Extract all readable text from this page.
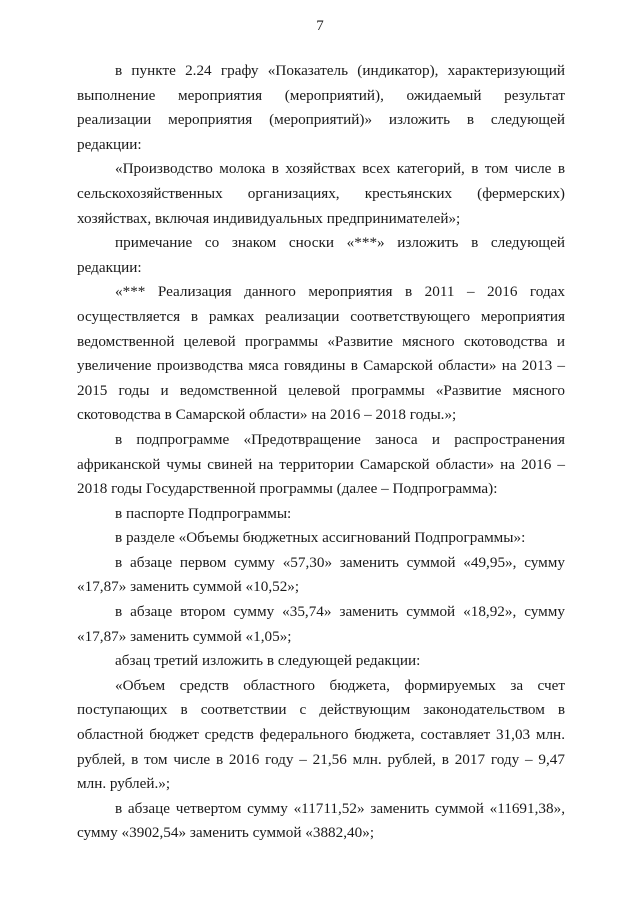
7

в пункте 2.24 графу «Показатель (индикатор), характеризующий выполнение мероприятия (мероприятий), ожидаемый результат реализации мероприятия (мероприятий)» изложить в следующей редакции:

«Производство молока в хозяйствах всех категорий, в том числе в сельскохозяйственных организациях, крестьянских (фермерских) хозяйствах, включая индивидуальных предпринимателей»;

примечание со знаком сноски «***» изложить в следующей редакции:

«*** Реализация данного мероприятия в 2011 – 2016 годах осуществляется в рамках реализации соответствующего мероприятия ведомственной целевой программы «Развитие мясного скотоводства и увеличение производства мяса говядины в Самарской области» на 2013 – 2015 годы и ведомственной целевой программы «Развитие мясного скотоводства в Самарской области» на 2016 – 2018 годы.»;

в подпрограмме «Предотвращение заноса и распространения африканской чумы свиней на территории Самарской области» на 2016 – 2018 годы Государственной программы (далее – Подпрограмма):

в паспорте Подпрограммы:

в разделе «Объемы бюджетных ассигнований Подпрограммы»:

в абзаце первом сумму «57,30» заменить суммой «49,95», сумму «17,87» заменить суммой «10,52»;

в абзаце втором сумму «35,74» заменить суммой «18,92», сумму «17,87» заменить суммой «1,05»;

абзац третий изложить в следующей редакции:

«Объем средств областного бюджета, формируемых за счет поступающих в соответствии с действующим законодательством в областной бюджет средств федерального бюджета, составляет 31,03 млн. рублей, в том числе в 2016 году – 21,56 млн. рублей, в 2017 году – 9,47 млн. рублей.»;

в абзаце четвертом сумму «11711,52» заменить суммой «11691,38», сумму «3902,54» заменить суммой «3882,40»;
